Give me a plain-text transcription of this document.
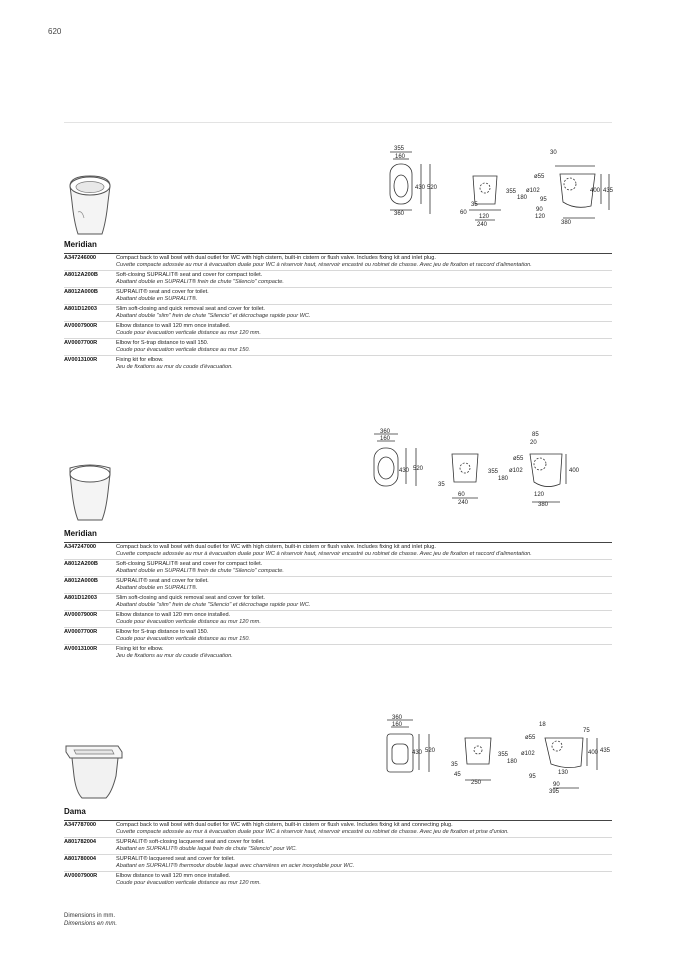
620
355
160
430 520
360
35
60
120
240
30
ø55
ø102
355
180 95
90
120
400 435
380
Meridian
A347246000	Compact back to wall bowl with dual outlet for WC with high cistern, built-in cistern or flush valve. Includes fixing kit and inlet plug.
Cuvette compacte adossée au mur à évacuation duale pour WC à réservoir haut, réservoir encastré ou robinet de chasse. Avec jeu de fixation et raccord d'alimentation.
A8012A200B	Soft-closing SUPRALIT® seat and cover for compact toilet.
Abattant double en SUPRALIT® frein de chute "Silencio" compacte.
A8012A000B	SUPRALIT® seat and cover for toilet.
Abattant double en SUPRALIT®.
A801D12003	Slim soft-closing and quick removal seat and cover for toilet.
Abattant double "slim" frein de chute "Silencio" et décrochage rapide pour WC.
AV0007900R	Elbow distance to wall 120 mm once installed.
Coude pour évacuation verticale distance au mur 120 mm.
AV0007700R	Elbow for S-trap distance to wall 150.
Coude pour évacuation verticale distance au mur 150.
AV0013100R	Fixing kit for elbow.
Jeu de fixations au mur du coude d'évacuation.
360
160
430 520
35
60
240
85
20
ø55
ø102
355
180
400
120
380
Meridian
A347247000	Compact back to wall bowl with dual outlet for WC with high cistern, built-in cistern or flush valve. Includes fixing kit and inlet plug.
Cuvette compacte adossée au mur à évacuation duale pour WC à réservoir haut, réservoir encastré ou robinet de chasse. Avec jeu de fixation et raccord d'alimentation.
A8012A200B	Soft-closing SUPRALIT® seat and cover for compact toilet.
Abattant double en SUPRALIT® frein de chute "Silencio" compacte.
A8012A000B	SUPRALIT® seat and cover for toilet.
Abattant double en SUPRALIT®.
A801D12003	Slim soft-closing and quick removal seat and cover for toilet.
Abattant double "slim" frein de chute "Silencio" et décrochage rapide pour WC.
AV0007900R	Elbow distance to wall 120 mm once installed.
Coude pour évacuation verticale distance au mur 120 mm.
AV0007700R	Elbow for S-trap distance to wall 150.
Coude pour évacuation verticale distance au mur 150.
AV0013100R	Fixing kit for elbow.
Jeu de fixations au mur du coude d'évacuation.
360
160
430 520
35
45
250
18
75
ø55
ø102
355
180
400 435
130
95
90
395
Dama
A347787000	Compact back to wall bowl with dual outlet for WC with high cistern, built-in cistern or flush valve. Includes fixing kit and connecting plug.
Cuvette compacte adossée au mur à évacuation duale pour WC à réservoir haut, réservoir encastré ou robinet de chasse. Avec jeu de fixation et prise d'union.
A801782004	SUPRALIT® soft-closing lacquered seat and cover for toilet.
Abattant en SUPRALIT® double laqué frein de chute "Silencio" pour WC.
A801780004	SUPRALIT® lacquered seat and cover for toilet.
Abattant en SUPRALIT® thermodur double laqué avec charnières en acier inoxydable pour WC.
AV0007900R	Elbow distance to wall 120 mm once installed.
Coude pour évacuation verticale distance au mur 120 mm.
Dimensions in mm.
Dimensions en mm.
